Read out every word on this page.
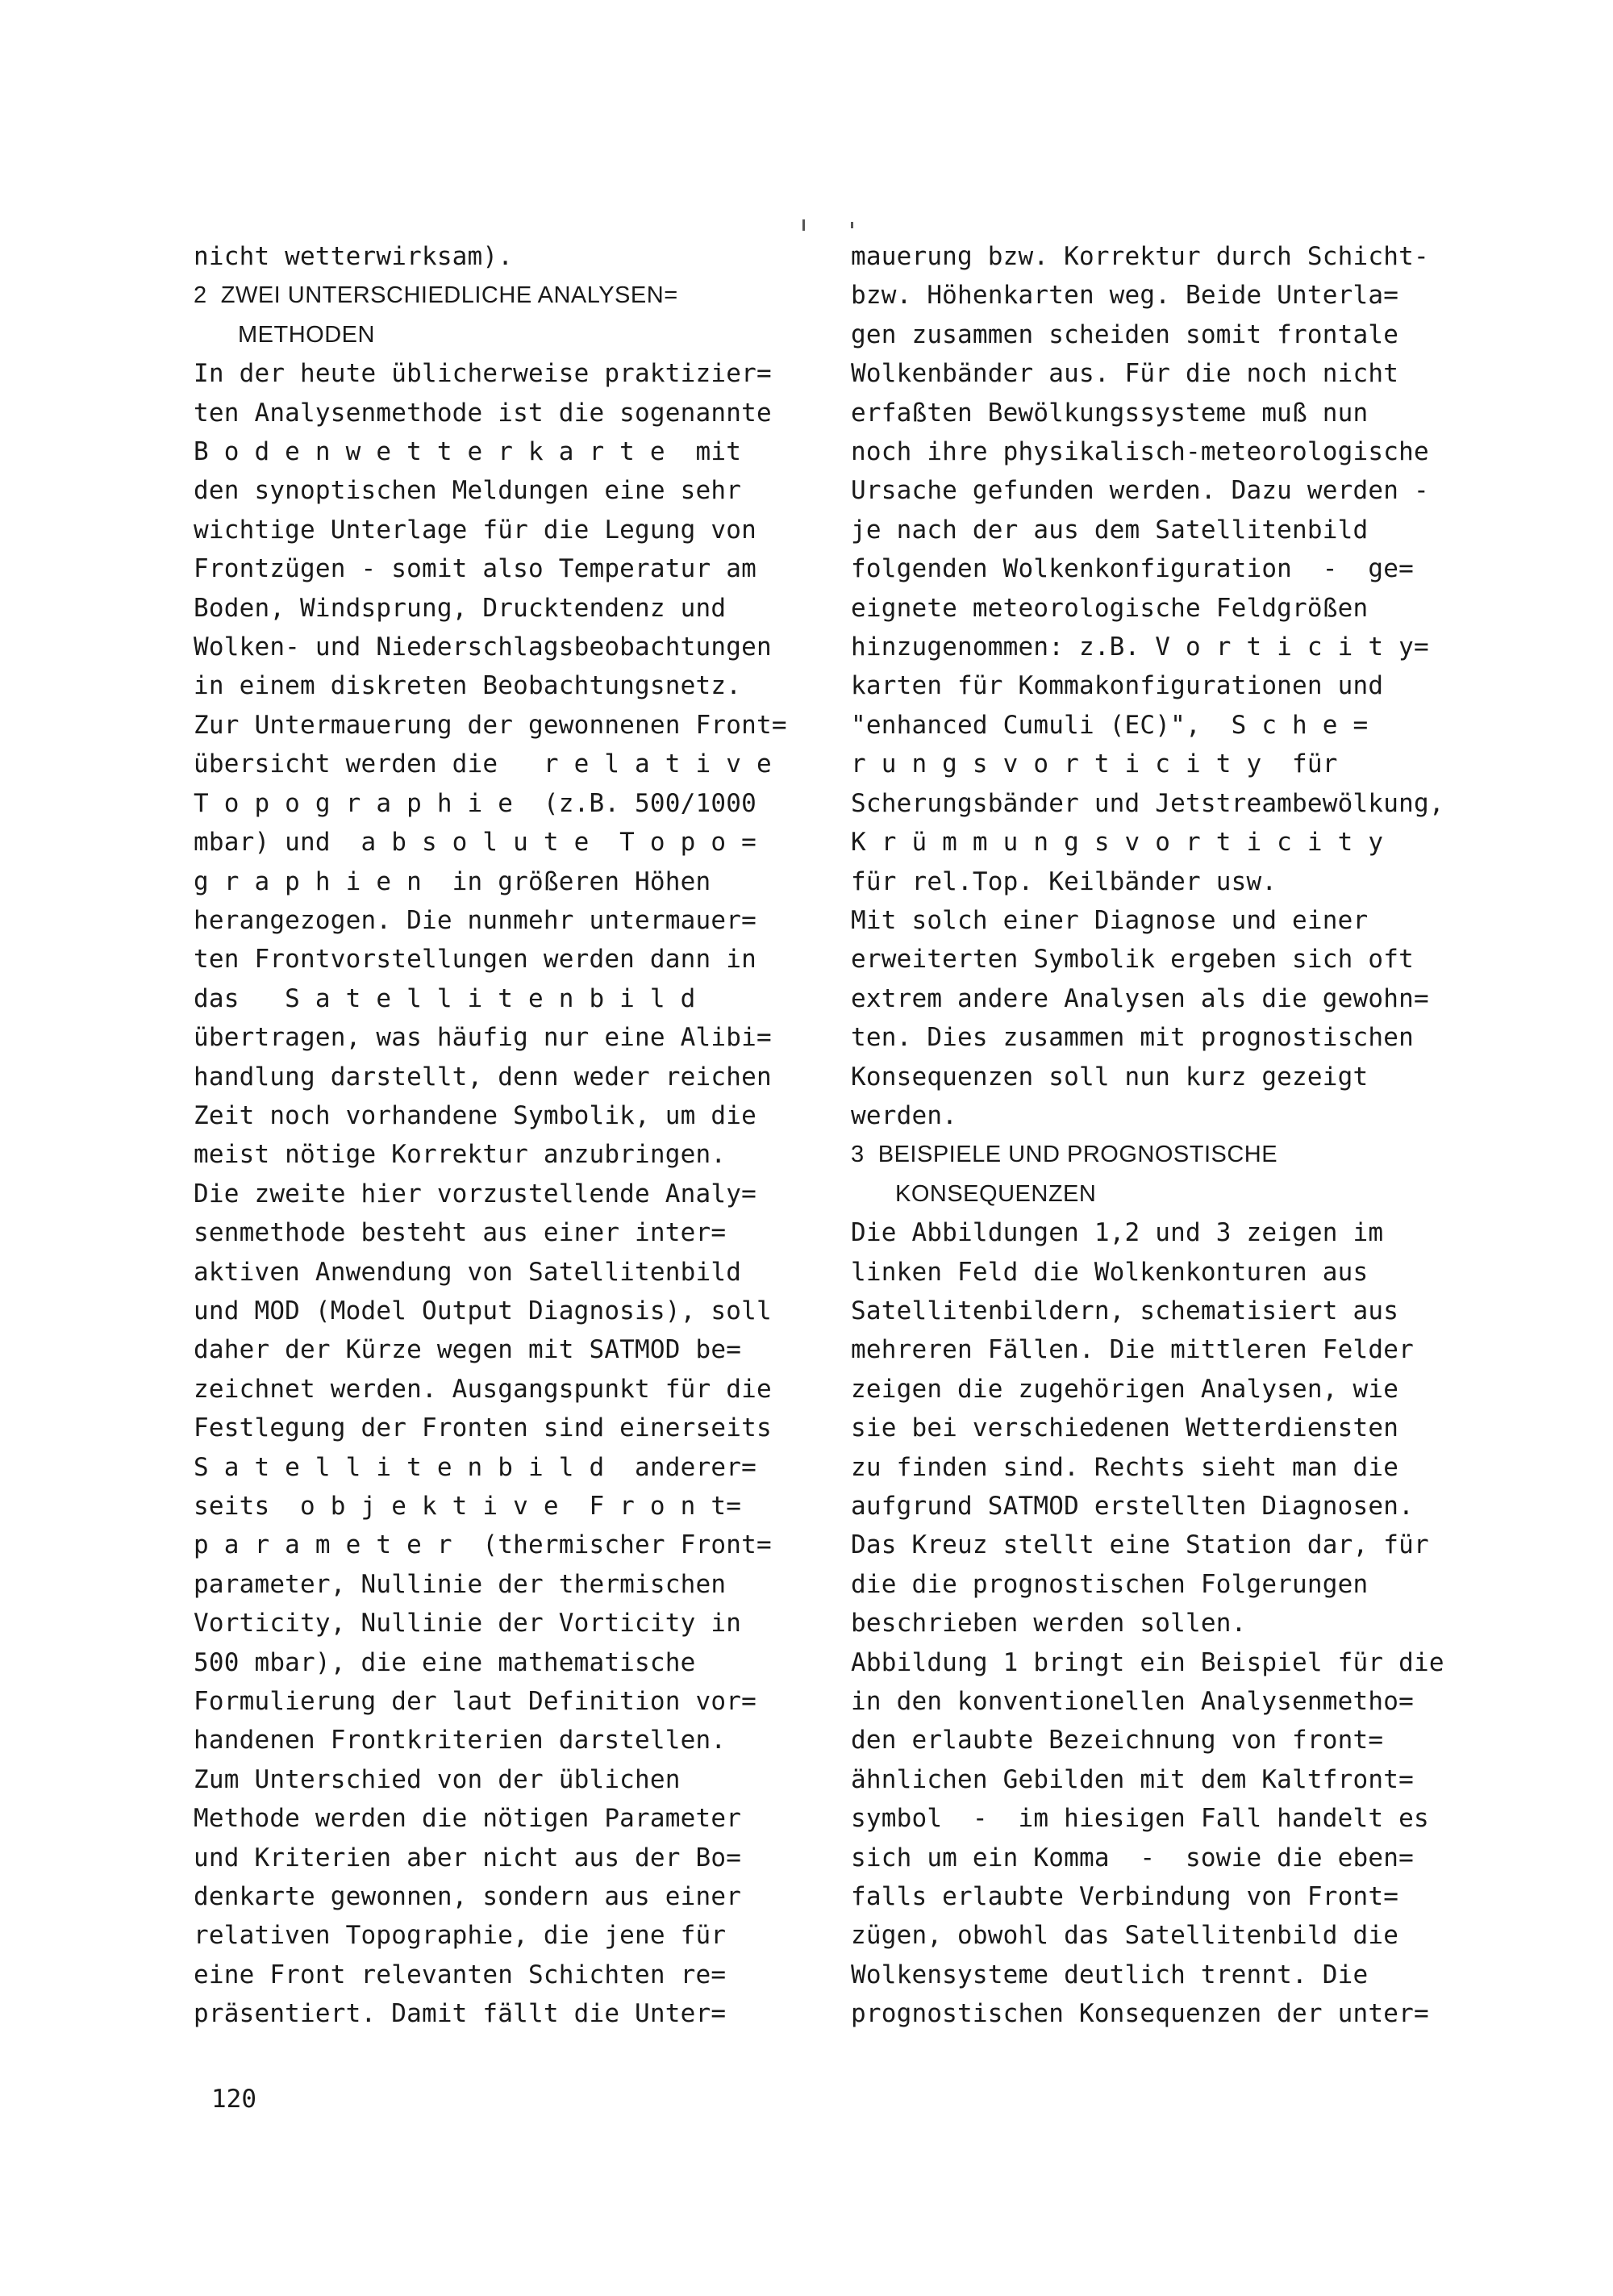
nicht wetterwirksam).
2  ZWEI UNTERSCHIEDLICHE ANALYSEN=
METHODEN
In der heute üblicherweise praktizier=
ten Analysenmethode ist die sogenannte
B o d e n w e t t e r k a r t e  mit
den synoptischen Meldungen eine sehr
wichtige Unterlage für die Legung von
Frontzügen - somit also Temperatur am
Boden, Windsprung, Drucktendenz und
Wolken- und Niederschlagsbeobachtungen
in einem diskreten Beobachtungsnetz.
Zur Untermauerung der gewonnenen Front=
übersicht werden die   r e l a t i v e
T o p o g r a p h i e  (z.B. 500/1000
mbar) und  a b s o l u t e  T o p o =
g r a p h i e n  in größeren Höhen
herangezogen. Die nunmehr untermauer=
ten Frontvorstellungen werden dann in
das   S a t e l l i t e n b i l d
übertragen, was häufig nur eine Alibi=
handlung darstellt, denn weder reichen
Zeit noch vorhandene Symbolik, um die
meist nötige Korrektur anzubringen.
Die zweite hier vorzustellende Analy=
senmethode besteht aus einer inter=
aktiven Anwendung von Satellitenbild
und MOD (Model Output Diagnosis), soll
daher der Kürze wegen mit SATMOD be=
zeichnet werden. Ausgangspunkt für die
Festlegung der Fronten sind einerseits
S a t e l l i t e n b i l d  anderer=
seits  o b j e k t i v e  F r o n t=
p a r a m e t e r  (thermischer Front=
parameter, Nullinie der thermischen
Vorticity, Nullinie der Vorticity in
500 mbar), die eine mathematische
Formulierung der laut Definition vor=
handenen Frontkriterien darstellen.
Zum Unterschied von der üblichen
Methode werden die nötigen Parameter
und Kriterien aber nicht aus der Bo=
denkarte gewonnen, sondern aus einer
relativen Topographie, die jene für
eine Front relevanten Schichten re=
präsentiert. Damit fällt die Unter=
mauerung bzw. Korrektur durch Schicht-
bzw. Höhenkarten weg. Beide Unterla=
gen zusammen scheiden somit frontale
Wolkenbänder aus. Für die noch nicht
erfaßten Bewölkungssysteme muß nun
noch ihre physikalisch-meteorologische
Ursache gefunden werden. Dazu werden -
je nach der aus dem Satellitenbild
folgenden Wolkenkonfiguration  -  ge=
eignete meteorologische Feldgrößen
hinzugenommen: z.B. V o r t i c i t y=
karten für Kommakonfigurationen und
"enhanced Cumuli (EC)",  S c h e =
r u n g s v o r t i c i t y  für
Scherungsbänder und Jetstreambewölkung,
K r ü m m u n g s v o r t i c i t y
für rel.Top. Keilbänder usw.
Mit solch einer Diagnose und einer
erweiterten Symbolik ergeben sich oft
extrem andere Analysen als die gewohn=
ten. Dies zusammen mit prognostischen
Konsequenzen soll nun kurz gezeigt
werden.
3  BEISPIELE UND PROGNOSTISCHE
KONSEQUENZEN
Die Abbildungen 1,2 und 3 zeigen im
linken Feld die Wolkenkonturen aus
Satellitenbildern, schematisiert aus
mehreren Fällen. Die mittleren Felder
zeigen die zugehörigen Analysen, wie
sie bei verschiedenen Wetterdiensten
zu finden sind. Rechts sieht man die
aufgrund SATMOD erstellten Diagnosen.
Das Kreuz stellt eine Station dar, für
die die prognostischen Folgerungen
beschrieben werden sollen.
Abbildung 1 bringt ein Beispiel für die
in den konventionellen Analysenmetho=
den erlaubte Bezeichnung von front=
ähnlichen Gebilden mit dem Kaltfront=
symbol  -  im hiesigen Fall handelt es
sich um ein Komma  -  sowie die eben=
falls erlaubte Verbindung von Front=
zügen, obwohl das Satellitenbild die
Wolkensysteme deutlich trennt. Die
prognostischen Konsequenzen der unter=
120
